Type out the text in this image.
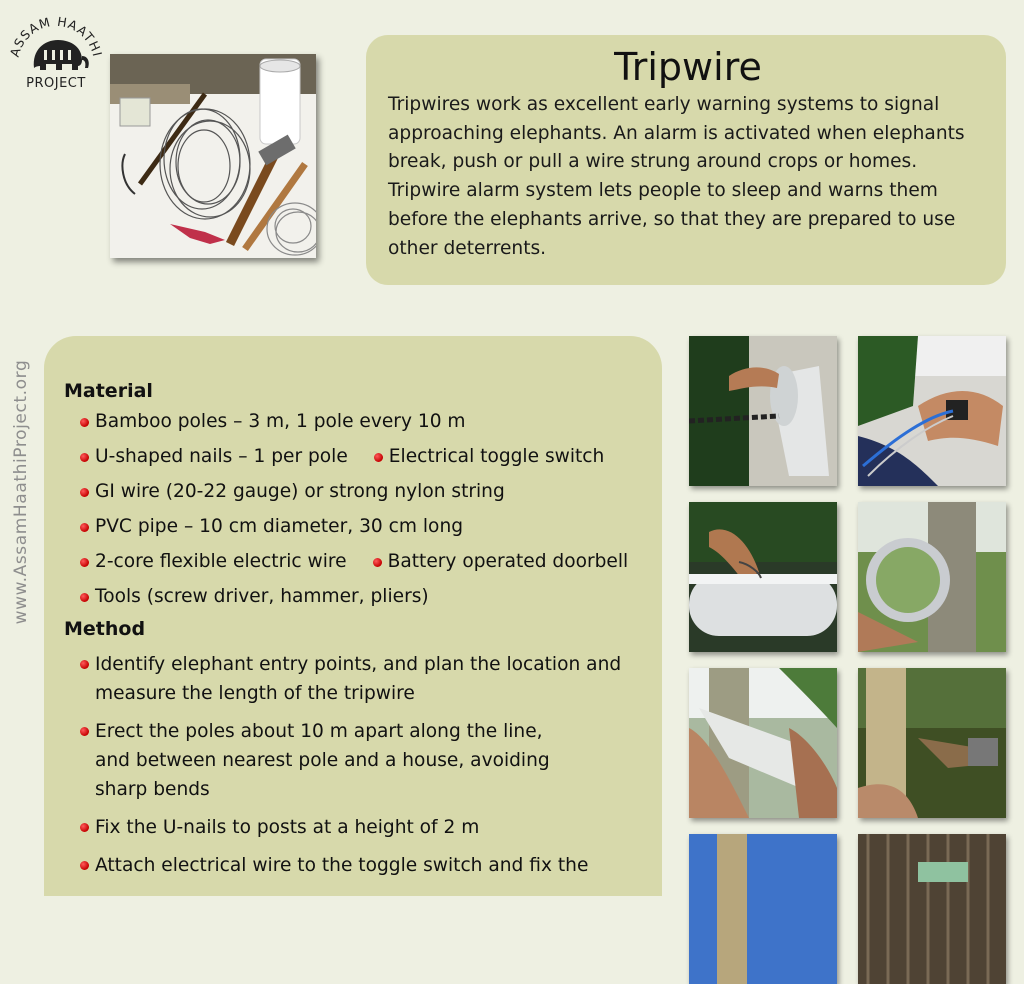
ASSAM HAATHI
PROJECT
www.AssamHaathiProject.org
Tripwire

Tripwires work as excellent early warning systems to signal approaching elephants. An alarm is activated when elephants break, push or pull a wire strung around crops or homes. Tripwire alarm system lets people to sleep and warns them before the elephants arrive, so that they are prepared to use other deterrents.

Material
Bamboo poles – 3 m, 1 pole every 10 m
U-shaped nails – 1 per pole Electrical toggle switch
GI wire (20-22 gauge) or strong nylon string
PVC pipe – 10 cm diameter, 30 cm long
2-core flexible electric wire Battery operated doorbell
Tools (screw driver, hammer, pliers)
Method
Identify elephant entry points, and plan the location and
measure the length of the tripwire
Erect the poles about 10 m apart along the line,
and between nearest pole and a house, avoiding
sharp bends
Fix the U-nails to posts at a height of 2 m
Attach electrical wire to the toggle switch and fix the
